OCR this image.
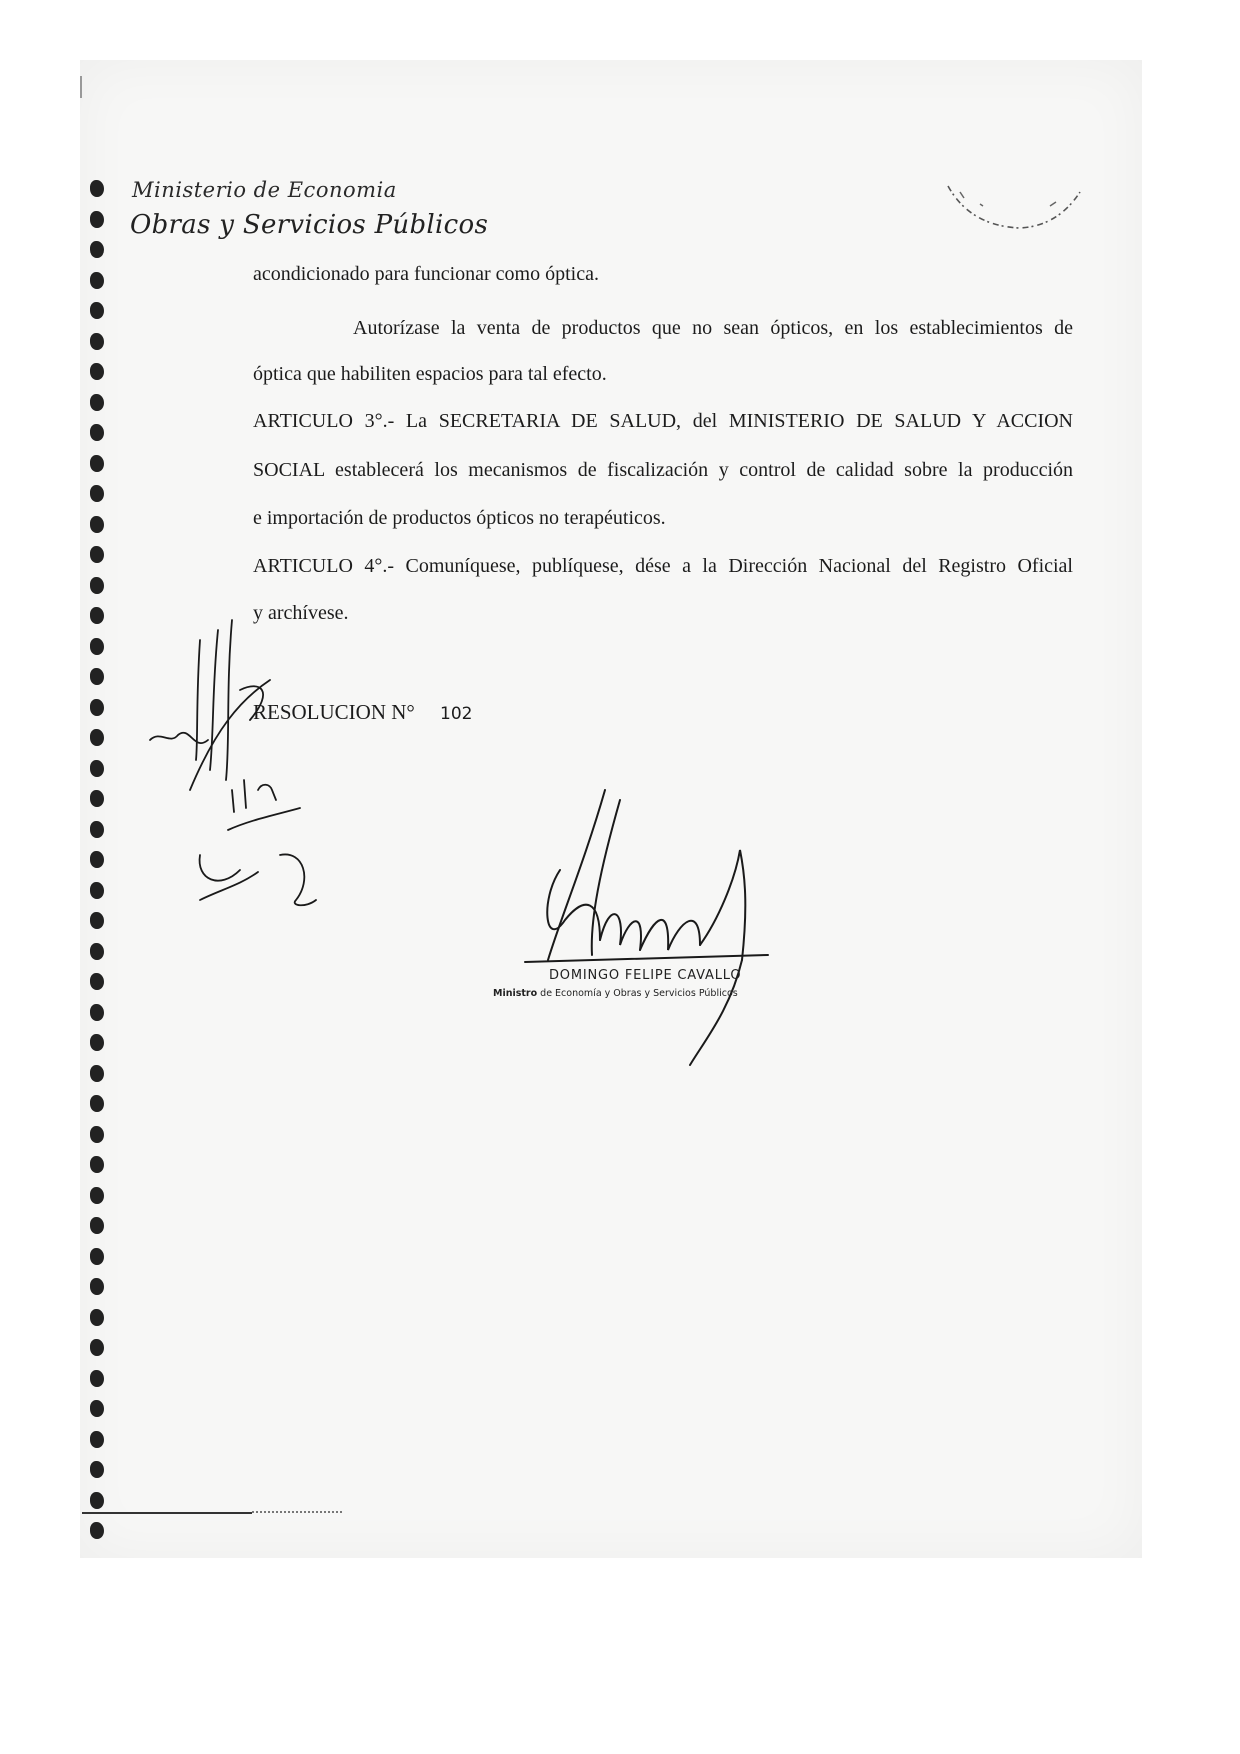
Ministerio de Economia
Obras y Servicios Públicos
acondicionado para funcionar como óptica.
Autorízase la venta de productos que no sean ópticos, en los establecimientos de
óptica que habiliten espacios para tal efecto.
ARTICULO 3°.- La SECRETARIA DE SALUD, del MINISTERIO DE SALUD Y ACCION
SOCIAL establecerá los mecanismos de fiscalización y control de calidad sobre la producción
e importación de productos ópticos no terapéuticos.
ARTICULO 4°.- Comuníquese, publíquese, dése a la Dirección Nacional del Registro Oficial
y archívese.
RESOLUCION N° 102
DOMINGO FELIPE CAVALLO
Ministro de Economía y Obras y Servicios Públicos
